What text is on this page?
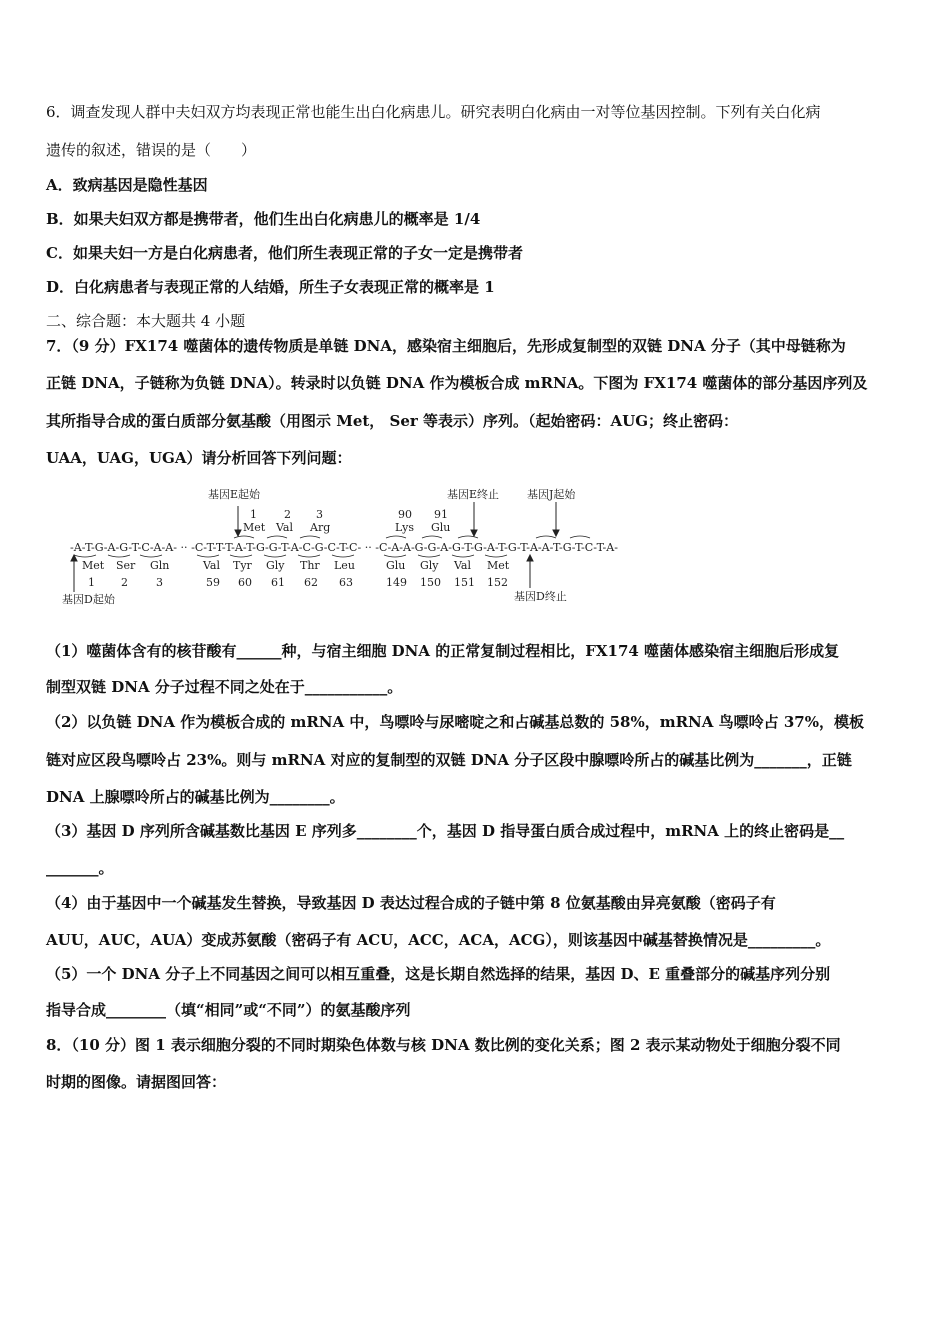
6．调查发现人群中夫妇双方均表现正常也能生出白化病患儿。研究表明白化病由一对等位基因控制。下列有关白化病
遗传的叙述，错误的是（　　）
A．致病基因是隐性基因
B．如果夫妇双方都是携带者，他们生出白化病患儿的概率是 1/4
C．如果夫妇一方是白化病患者，他们所生表现正常的子女一定是携带者
D．白化病患者与表现正常的人结婚，所生子女表现正常的概率是 1
二、综合题：本大题共 4 小题
7．（9 分）FX174 噬菌体的遗传物质是单链 DNA，感染宿主细胞后，先形成复制型的双链 DNA 分子（其中母链称为
正链 DNA，子链称为负链 DNA）。转录时以负链 DNA 作为模板合成 mRNA。下图为 FX174 噬菌体的部分基因序列及
其所指导合成的蛋白质部分氨基酸（用图示 Met， Ser 等表示）序列。（起始密码：AUG；终止密码：
UAA，UAG，UGA）请分析回答下列问题：
基因E起始	基因E终止	基因J起始
1 2 3	90 91
Met Val Arg	Lys Glu
-A-T-G-A-G-T-C-A-A- ·· -C-T-T-T-A-T-G-G-T-A-C-G-C-T-C- ·· -C-A-A-G-G-A-G-T-G-A-T-G-T-A-A-T-G-T-C-T-A-
Met Ser Gln	Val Tyr Gly Thr Leu	Glu Gly Val Met
1 2	3	59 60 61 62 63	149 150 151 152
基因D起始	基因D终止
（1）噬菌体含有的核苷酸有______种，与宿主细胞 DNA 的正常复制过程相比，FX174 噬菌体感染宿主细胞后形成复
制型双链 DNA 分子过程不同之处在于___________。
（2）以负链 DNA 作为模板合成的 mRNA 中，鸟嘌呤与尿嘧啶之和占碱基总数的 58%，mRNA 鸟嘌呤占 37%，模板
链对应区段鸟嘌呤占 23%。则与 mRNA 对应的复制型的双链 DNA 分子区段中腺嘌呤所占的碱基比例为_______，正链
DNA 上腺嘌呤所占的碱基比例为________。
（3）基因 D 序列所含碱基数比基因 E 序列多________个，基因 D 指导蛋白质合成过程中，mRNA 上的终止密码是__
_______。
（4）由于基因中一个碱基发生替换，导致基因 D 表达过程合成的子链中第 8 位氨基酸由异亮氨酸（密码子有
AUU，AUC，AUA）变成苏氨酸（密码子有 ACU，ACC，ACA，ACG），则该基因中碱基替换情况是_________。
（5）一个 DNA 分子上不同基因之间可以相互重叠，这是长期自然选择的结果，基因 D、E 重叠部分的碱基序列分别
指导合成________（填“相同”或“不同”）的氨基酸序列
8．（10 分）图 1 表示细胞分裂的不同时期染色体数与核 DNA 数比例的变化关系；图 2 表示某动物处于细胞分裂不同
时期的图像。请据图回答：
